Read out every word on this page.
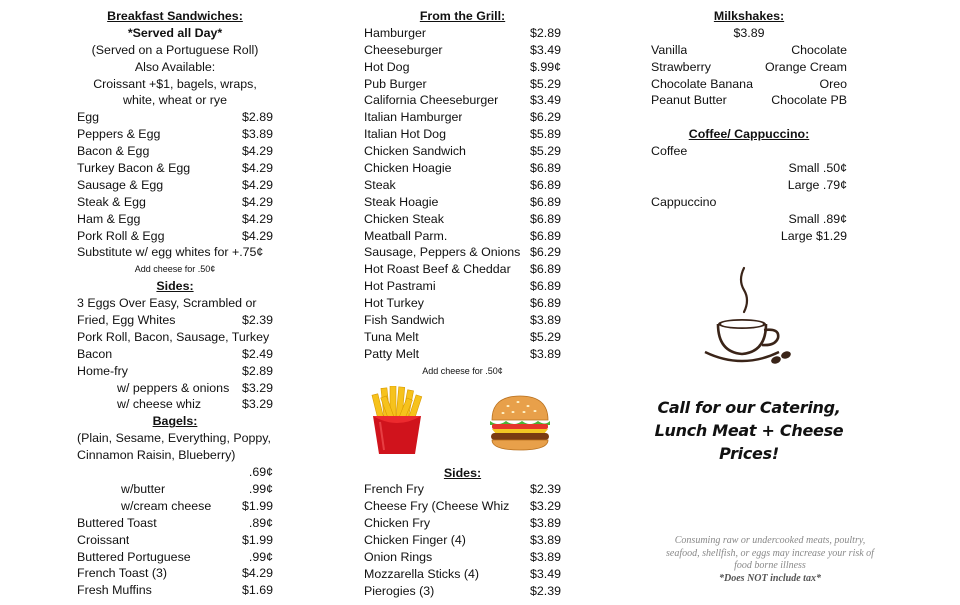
Breakfast Sandwiches:
*Served all Day*
(Served on a Portuguese Roll)
Also Available:
Croissant +$1, bagels, wraps,
white, wheat or rye
Egg	$2.89
Peppers & Egg	$3.89
Bacon & Egg	$4.29
Turkey Bacon & Egg	$4.29
Sausage & Egg	$4.29
Steak & Egg	$4.29
Ham & Egg	$4.29
Pork Roll & Egg	$4.29
Substitute w/ egg whites for +.75¢
Add cheese for .50¢
Sides:
3 Eggs Over Easy, Scrambled or
Fried, Egg Whites	$2.39
Pork Roll, Bacon, Sausage, Turkey
Bacon	$2.49
Home-fry	$2.89
w/ peppers & onions $3.29
w/ cheese whiz	$3.29
Bagels:
(Plain, Sesame, Everything, Poppy,
Cinnamon Raisin, Blueberry)
.69¢
w/butter	.99¢
w/cream cheese $1.99
Buttered Toast	.89¢
Croissant	$1.99
Buttered Portuguese	.99¢
French Toast (3)	$4.29
Fresh Muffins	$1.69
From the Grill:
Hamburger	$2.89
Cheeseburger	$3.49
Hot Dog	$.99¢
Pub Burger	$5.29
California Cheeseburger	$3.49
Italian Hamburger	$6.29
Italian Hot Dog	$5.89
Chicken Sandwich	$5.29
Chicken Hoagie	$6.89
Steak	$6.89
Steak Hoagie	$6.89
Chicken Steak	$6.89
Meatball Parm.	$6.89
Sausage, Peppers & Onions $6.29
Hot Roast Beef & Cheddar $6.89
Hot Pastrami	$6.89
Hot Turkey	$6.89
Fish Sandwich	$3.89
Tuna Melt	$5.29
Patty Melt	$3.89
Add cheese for .50¢
Sides:
French Fry	$2.39
Cheese Fry (Cheese Whiz $3.29
Chicken Fry	$3.89
Chicken Finger (4)	$3.89
Onion Rings	$3.89
Mozzarella Sticks (4)	$3.49
Pierogies (3)	$2.39
Milkshakes:
$3.89
Vanilla	Chocolate
Strawberry	Orange Cream
Chocolate Banana	Oreo
Peanut Butter	Chocolate PB
Coffee/ Cappuccino:
Coffee
Small .50¢
Large .79¢
Cappuccino
Small .89¢
Large $1.29
Call for our Catering,
Lunch Meat + Cheese
Prices!
Consuming raw or undercooked meats, poultry,
seafood, shellfish, or eggs may increase your risk of
food borne illness
*Does NOT include tax*
